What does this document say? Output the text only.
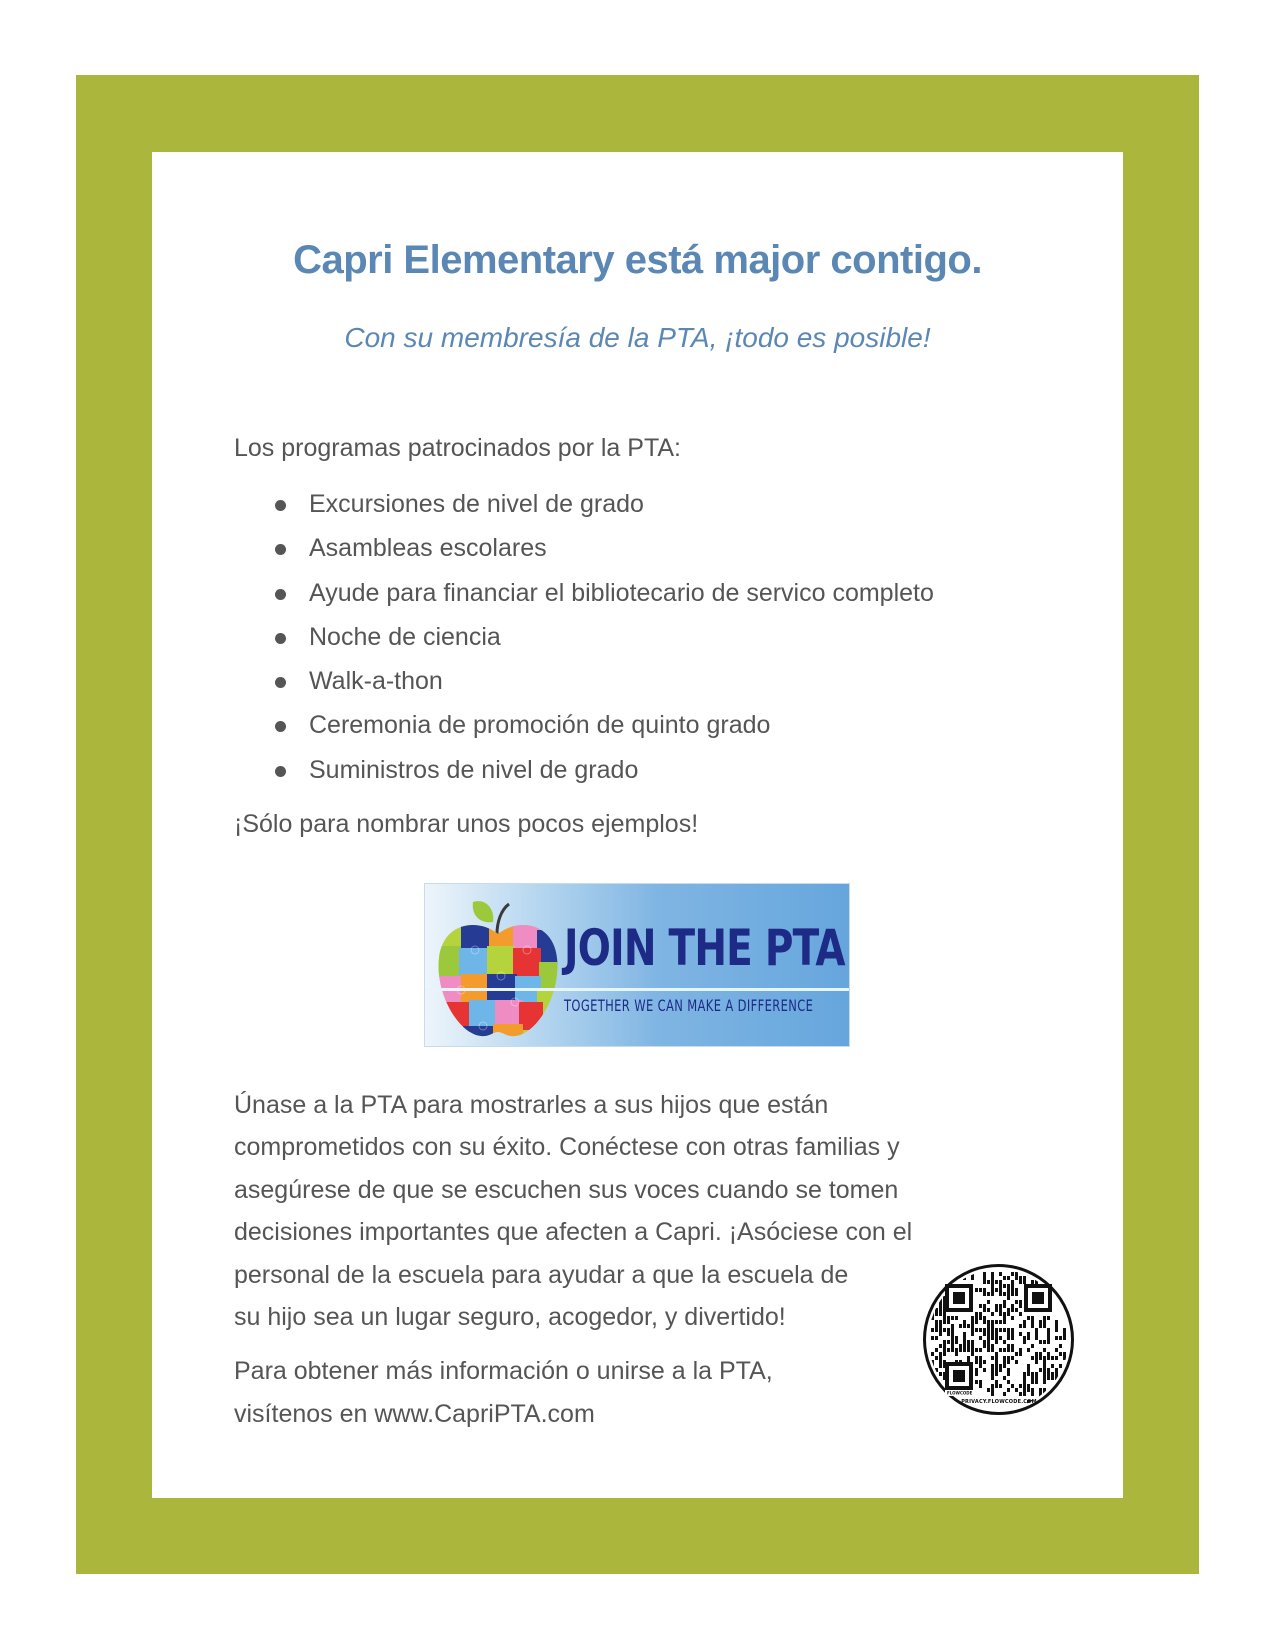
Capri Elementary está major contigo.
Con su membresía de la PTA, ¡todo es posible!
Los programas patrocinados por la PTA:
Excursiones de nivel de grado
Asambleas escolares
Ayude para financiar el bibliotecario de servico completo
Noche de ciencia
Walk-a-thon
Ceremonia de promoción de quinto grado
Suministros de nivel de grado
¡Sólo para nombrar unos pocos ejemplos!
JOIN THE PTA
TOGETHER WE CAN MAKE A DIFFERENCE

Únase a la PTA para mostrarles a sus hijos que están
comprometidos con su éxito. Conéctese con otras familias y
asegúrese de que se escuchen sus voces cuando se tomen
decisiones importantes que afecten a Capri. ¡Asóciese con el
personal de la escuela para ayudar a que la escuela de
su hijo sea un lugar seguro, acogedor, y divertido!

Para obtener más información o unirse a la PTA,
visítenos en www.CapriPTA.com

FLOWCODE
PRIVACY.FLOWCODE.COM
